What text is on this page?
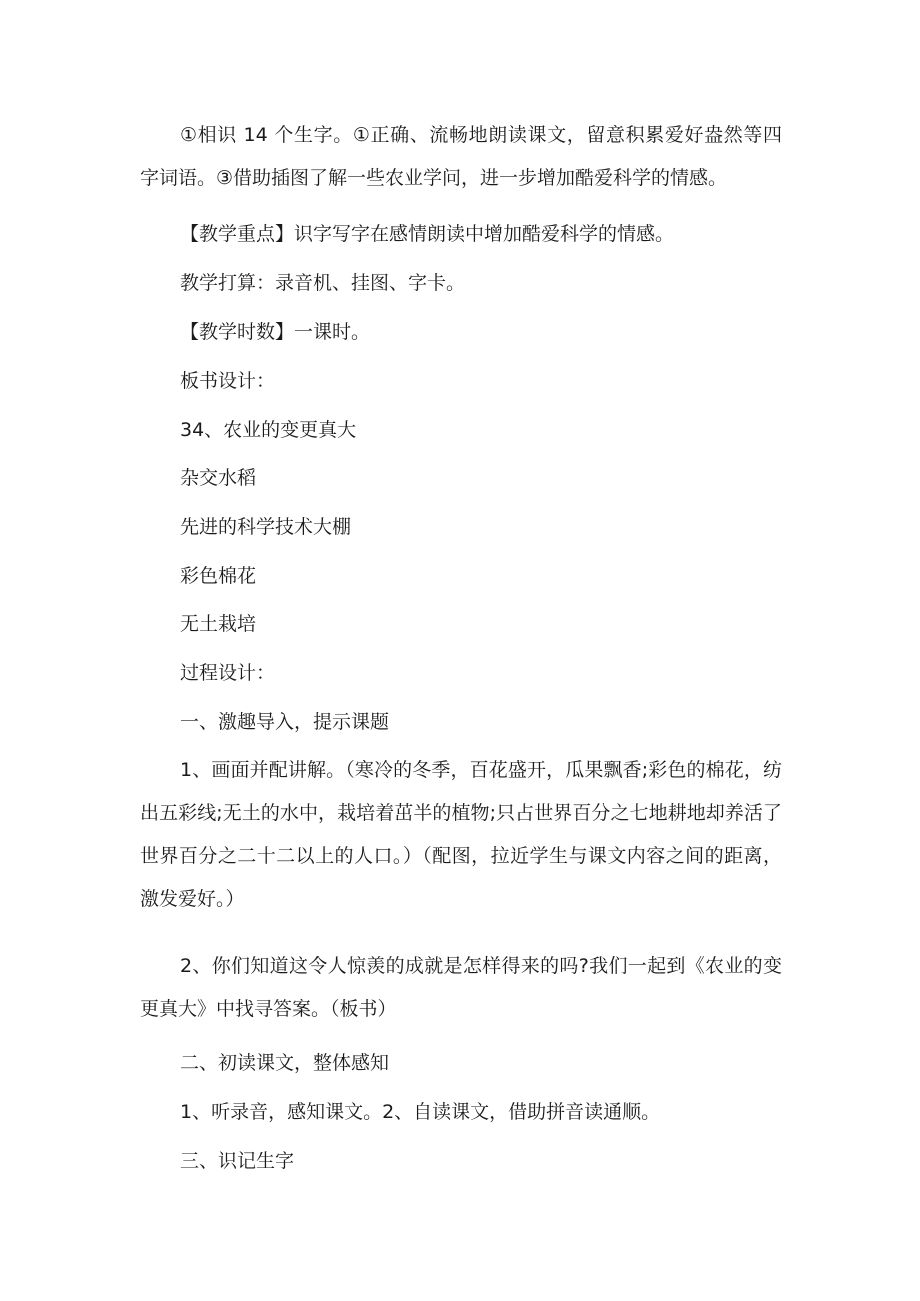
①相识 14 个生字。①正确、流畅地朗读课文，留意积累爱好盎然等四字词语。③借助插图了解一些农业学问，进一步增加酷爱科学的情感。

【教学重点】识字写字在感情朗读中增加酷爱科学的情感。

教学打算：录音机、挂图、字卡。

【教学时数】一课时。

板书设计：

34、农业的变更真大

杂交水稻

先进的科学技术大棚

彩色棉花

无土栽培

过程设计：

一、激趣导入，提示课题

1、画面并配讲解。（寒冷的冬季，百花盛开，瓜果飘香;彩色的棉花，纺出五彩线;无土的水中，栽培着茁半的植物;只占世界百分之七地耕地却养活了世界百分之二十二以上的人口。）（配图，拉近学生与课文内容之间的距离，激发爱好。）

2、你们知道这令人惊羡的成就是怎样得来的吗?我们一起到《农业的变更真大》中找寻答案。（板书）

二、初读课文，整体感知

1、听录音，感知课文。2、自读课文，借助拼音读通顺。

三、识记生字
